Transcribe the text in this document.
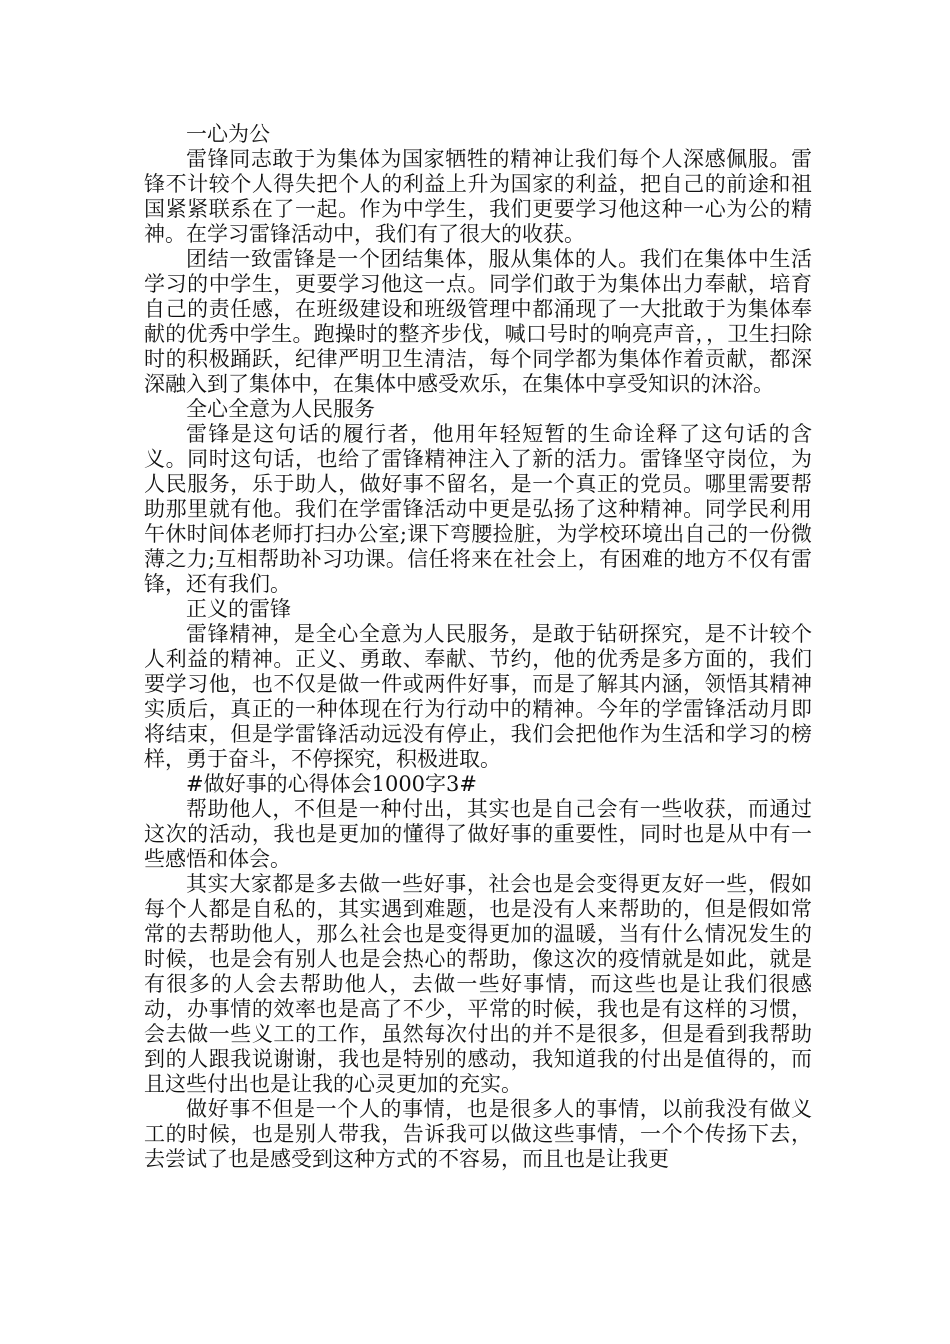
一心为公

雷锋同志敢于为集体为国家牺牲的精神让我们每个人深感佩服。雷锋不计较个人得失把个人的利益上升为国家的利益，把自己的前途和祖国紧紧联系在了一起。作为中学生，我们更要学习他这种一心为公的精神。在学习雷锋活动中，我们有了很大的收获。

团结一致雷锋是一个团结集体，服从集体的人。我们在集体中生活学习的中学生，更要学习他这一点。同学们敢于为集体出力奉献，培育自己的责任感，在班级建设和班级管理中都涌现了一大批敢于为集体奉献的优秀中学生。跑操时的整齐步伐，喊口号时的响亮声音，，卫生扫除时的积极踊跃，纪律严明卫生清洁，每个同学都为集体作着贡献，都深深融入到了集体中，在集体中感受欢乐，在集体中享受知识的沐浴。

全心全意为人民服务

雷锋是这句话的履行者，他用年轻短暂的生命诠释了这句话的含义。同时这句话，也给了雷锋精神注入了新的活力。雷锋坚守岗位，为人民服务，乐于助人，做好事不留名，是一个真正的党员。哪里需要帮助那里就有他。我们在学雷锋活动中更是弘扬了这种精神。同学民利用午休时间体老师打扫办公室;课下弯腰捡脏，为学校环境出自己的一份微薄之力;互相帮助补习功课。信任将来在社会上，有困难的地方不仅有雷锋，还有我们。

正义的雷锋

雷锋精神，是全心全意为人民服务，是敢于钻研探究，是不计较个人利益的精神。正义、勇敢、奉献、节约，他的优秀是多方面的，我们要学习他，也不仅是做一件或两件好事，而是了解其内涵，领悟其精神实质后，真正的一种体现在行为行动中的精神。今年的学雷锋活动月即将结束，但是学雷锋活动远没有停止，我们会把他作为生活和学习的榜样，勇于奋斗，不停探究，积极进取。

#做好事的心得体会1000字3#

帮助他人，不但是一种付出，其实也是自己会有一些收获，而通过这次的活动，我也是更加的懂得了做好事的重要性，同时也是从中有一些感悟和体会。

其实大家都是多去做一些好事，社会也是会变得更友好一些，假如每个人都是自私的，其实遇到难题，也是没有人来帮助的，但是假如常常的去帮助他人，那么社会也是变得更加的温暖，当有什么情况发生的时候，也是会有别人也是会热心的帮助，像这次的疫情就是如此，就是有很多的人会去帮助他人，去做一些好事情，而这些也是让我们很感动，办事情的效率也是高了不少，平常的时候，我也是有这样的习惯，会去做一些义工的工作，虽然每次付出的并不是很多，但是看到我帮助到的人跟我说谢谢，我也是特别的感动，我知道我的付出是值得的，而且这些付出也是让我的心灵更加的充实。

做好事不但是一个人的事情，也是很多人的事情，以前我没有做义工的时候，也是别人带我，告诉我可以做这些事情，一个个传扬下去，去尝试了也是感受到这种方式的不容易，而且也是让我更
